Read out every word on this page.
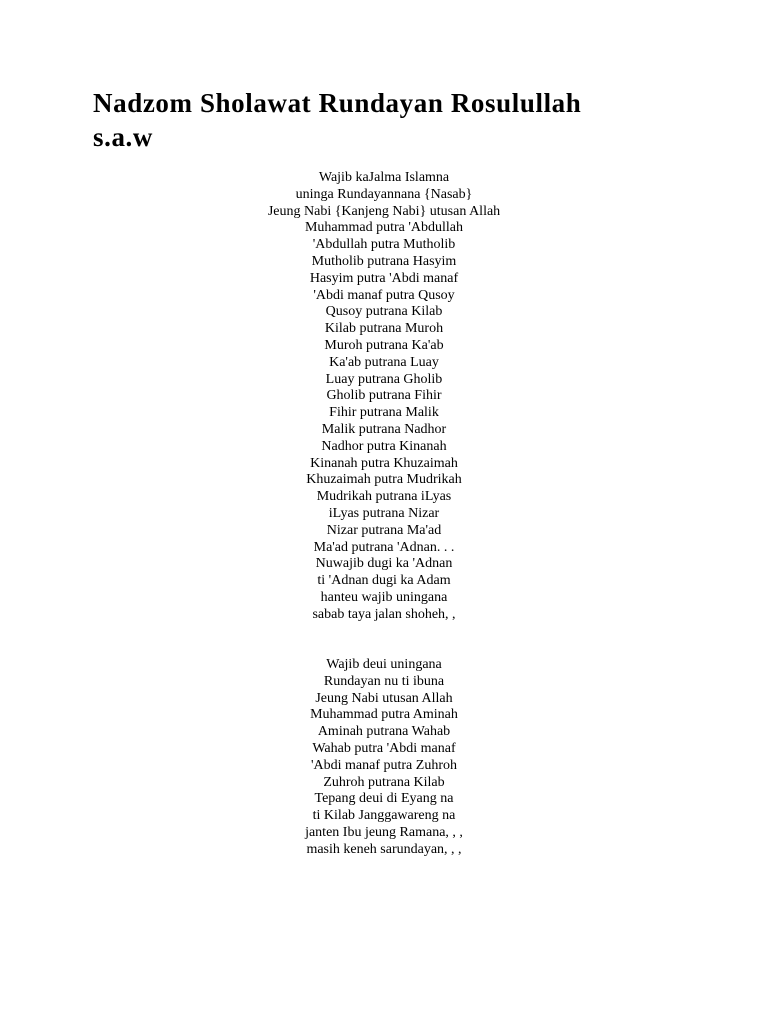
Nadzom Sholawat Rundayan Rosulullah
s.a.w
Wajib kaJalma Islamna
uninga Rundayannana {Nasab}
Jeung Nabi {Kanjeng Nabi} utusan Allah
Muhammad putra 'Abdullah
'Abdullah putra Mutholib
Mutholib putrana Hasyim
Hasyim putra 'Abdi manaf
'Abdi manaf putra Qusoy
Qusoy putrana Kilab
Kilab putrana Muroh
Muroh putrana Ka'ab
Ka'ab putrana Luay
Luay putrana Gholib
Gholib putrana Fihir
Fihir putrana Malik
Malik putrana Nadhor
Nadhor putra Kinanah
Kinanah putra Khuzaimah
Khuzaimah putra Mudrikah
Mudrikah putrana iLyas
iLyas putrana Nizar
Nizar putrana Ma'ad
Ma'ad putrana 'Adnan. . .
Nuwajib dugi ka 'Adnan
ti 'Adnan dugi ka Adam
hanteu wajib uningana
sabab taya jalan shoheh, ,
Wajib deui uningana
Rundayan nu ti ibuna
Jeung Nabi utusan Allah
Muhammad putra Aminah
Aminah putrana Wahab
Wahab putra 'Abdi manaf
'Abdi manaf putra Zuhroh
Zuhroh putrana Kilab
Tepang deui di Eyang na
ti Kilab Janggawareng na
janten Ibu jeung Ramana, , ,
masih keneh sarundayan, , ,
